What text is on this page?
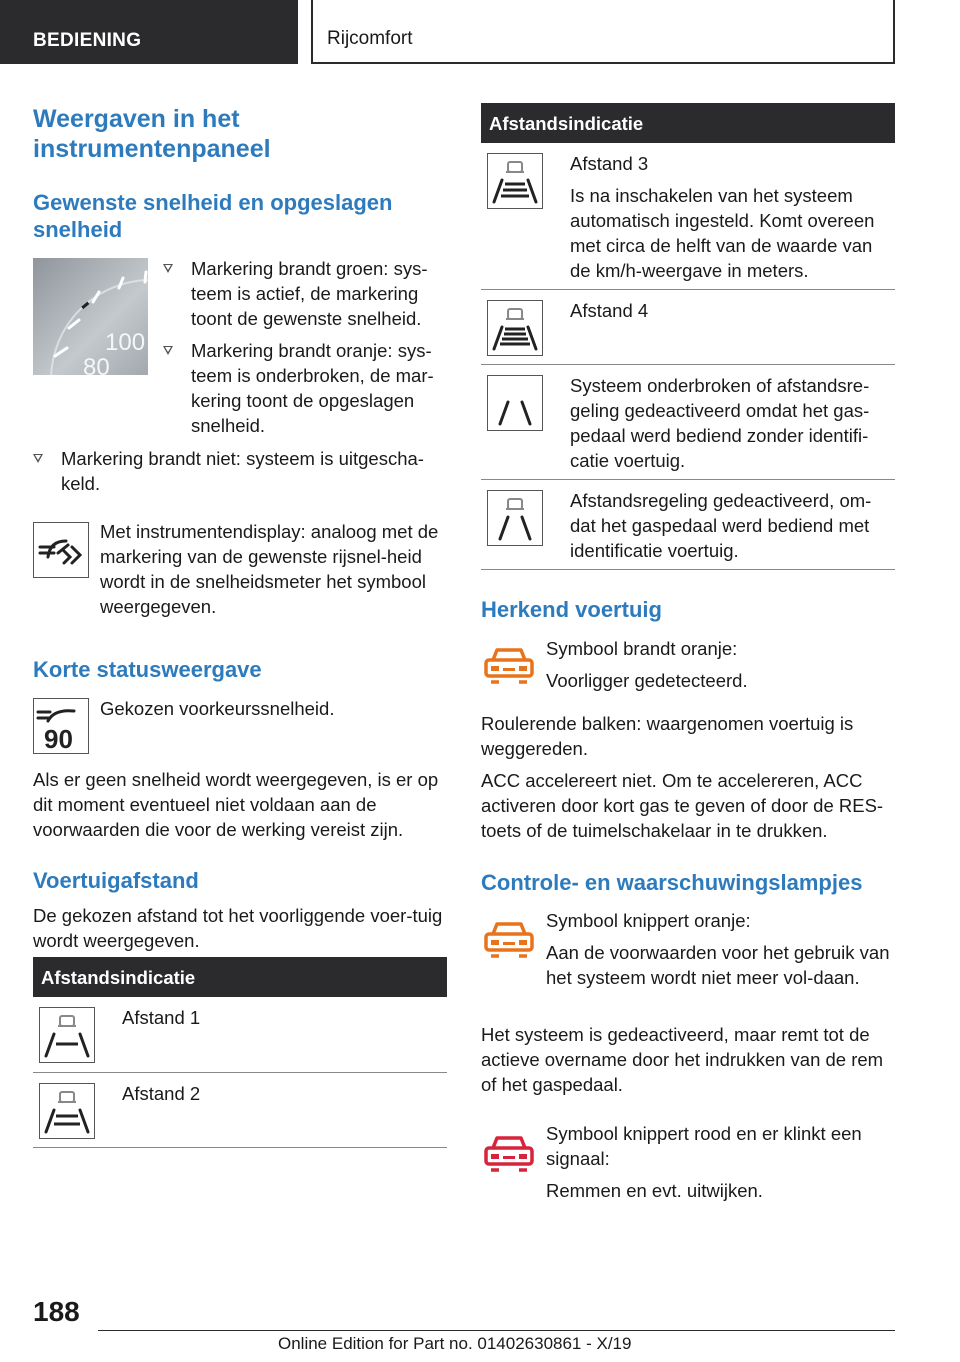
BEDIENING	Rijcomfort
Weergaven in het instrumentenpaneel
Gewenste snelheid en opgeslagen snelheid
100
80
Markering brandt groen: sys-teem is actief, de markering toont de gewenste snelheid.
Markering brandt oranje: sys-teem is onderbroken, de mar-kering toont de opgeslagen snelheid.
Markering brandt niet: systeem is uitgescha-keld.
Met instrumentendisplay: analoog met de markering van de gewenste rijsnel-heid wordt in de snelheidsmeter het symbool weergegeven.
Korte statusweergave
90
Gekozen voorkeurssnelheid.
Als er geen snelheid wordt weergegeven, is er op dit moment eventueel niet voldaan aan de voorwaarden die voor de werking vereist zijn.
Voertuigafstand
De gekozen afstand tot het voorliggende voer-tuig wordt weergegeven.
Afstandsindicatie
Afstand 1
Afstand 2
Afstandsindicatie
Afstand 3
Is na inschakelen van het systeem automatisch ingesteld. Komt overeen met circa de helft van de waarde van de km/h-weergave in meters.
Afstand 4
Systeem onderbroken of afstandsre-geling gedeactiveerd omdat het gas-pedaal werd bediend zonder identifi-catie voertuig.
Afstandsregeling gedeactiveerd, om-dat het gaspedaal werd bediend met identificatie voertuig.
Herkend voertuig
Symbool brandt oranje:
Voorligger gedetecteerd.
Roulerende balken: waargenomen voertuig is weggereden.
ACC accelereert niet. Om te accelereren, ACC activeren door kort gas te geven of door de RES-toets of de tuimelschakelaar in te drukken.
Controle- en waarschuwingslampjes
Symbool knippert oranje:
Aan de voorwaarden voor het gebruik van het systeem wordt niet meer vol-daan.
Het systeem is gedeactiveerd, maar remt tot de actieve overname door het indrukken van de rem of het gaspedaal.
Symbool knippert rood en er klinkt een signaal:
Remmen en evt. uitwijken.
188
Online Edition for Part no. 01402630861 - X/19
